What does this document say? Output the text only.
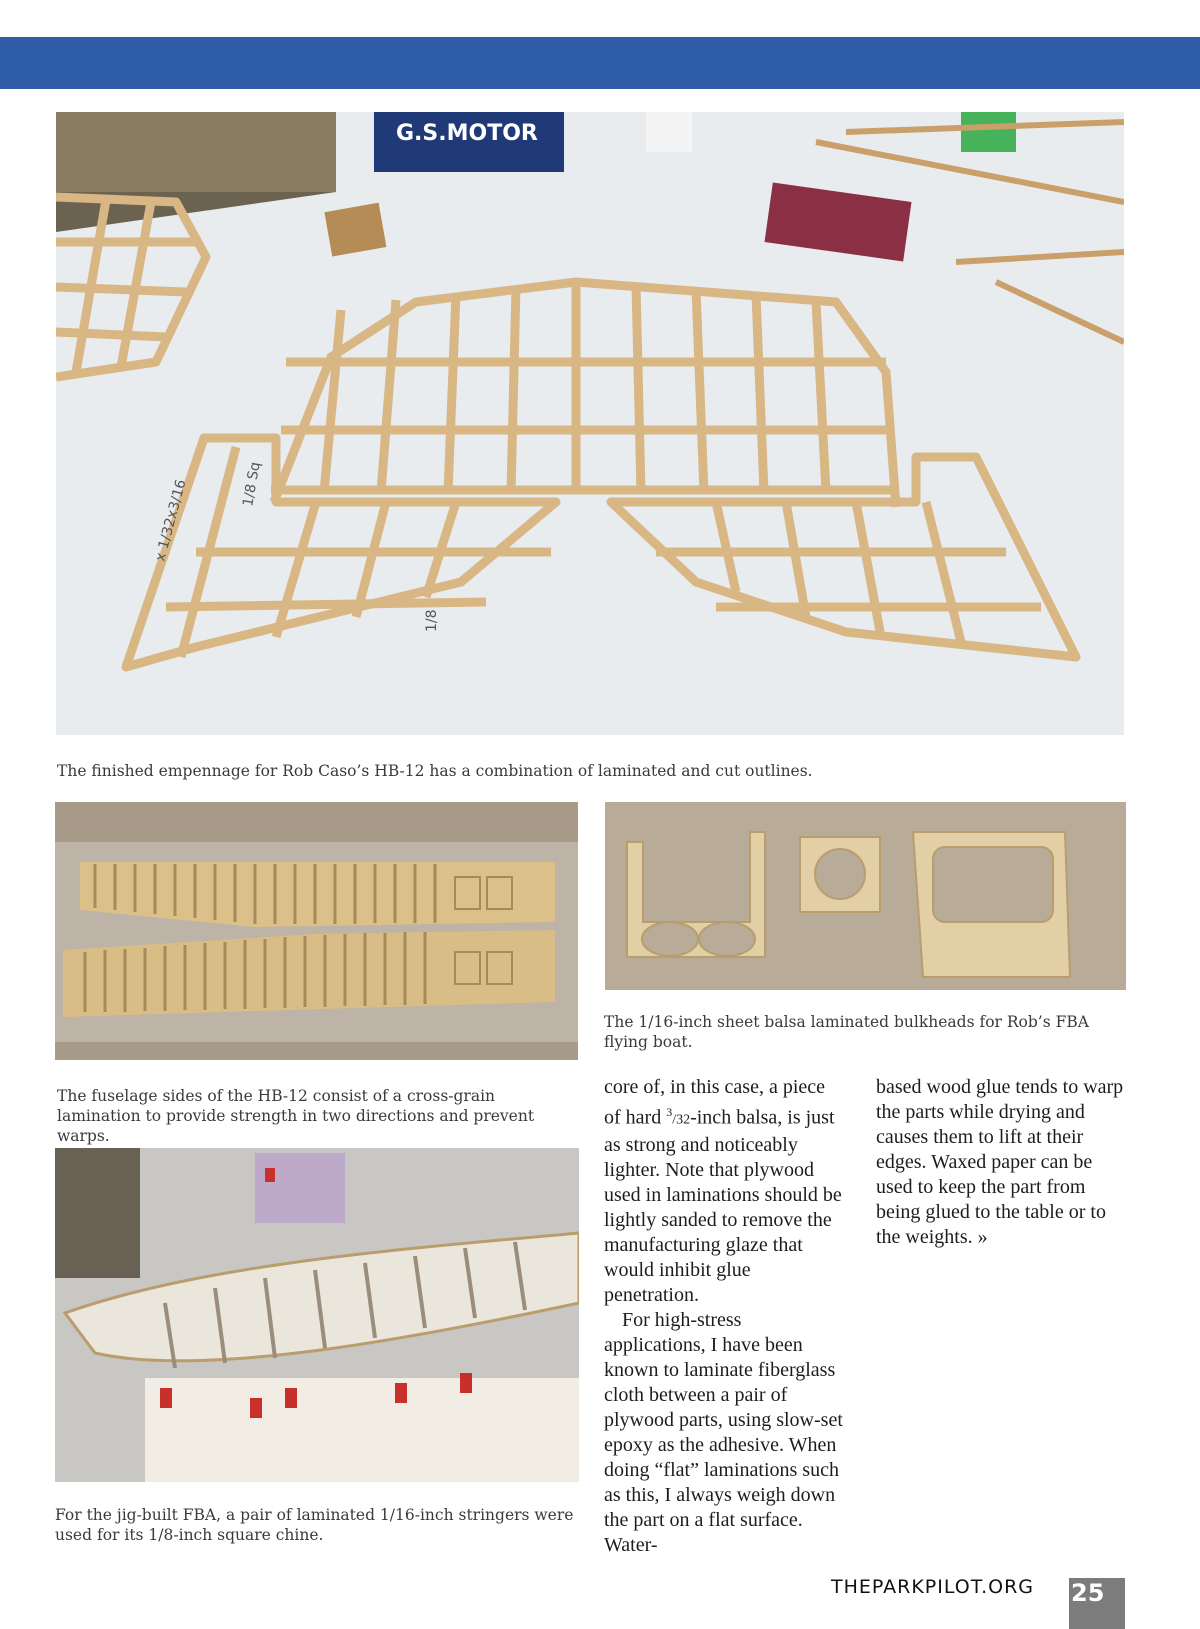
G.S.MOTOR
1/8 Sq
x 1/32x3/16
1/8
The finished empennage for Rob Caso’s HB-12 has a combination of laminated and cut outlines.
The fuselage sides of the HB-12 consist of a cross-grain lamination to provide strength in two directions and prevent warps.
The 1/16-inch sheet balsa laminated bulkheads for Rob’s FBA flying boat.
For the jig-built FBA, a pair of laminated 1/16-inch stringers were used for its 1/8-inch square chine.

core of, in this case, a piece of hard $^3$/32-inch balsa, is just as strong and noticeably lighter. Note that plywood used in laminations should be lightly sanded to remove the manufacturing glaze that would inhibit glue penetration.

For high-stress applications, I have been known to laminate fiberglass cloth between a pair of plywood parts, using slow-set epoxy as the adhesive. When doing “flat” laminations such as this, I always weigh down the part on a flat surface. Water-

based wood glue tends to warp the parts while drying and causes them to lift at their edges. Waxed paper can be used to keep the part from being glued to the table or to the weights. »

THEPARKPILOT.ORG 25
